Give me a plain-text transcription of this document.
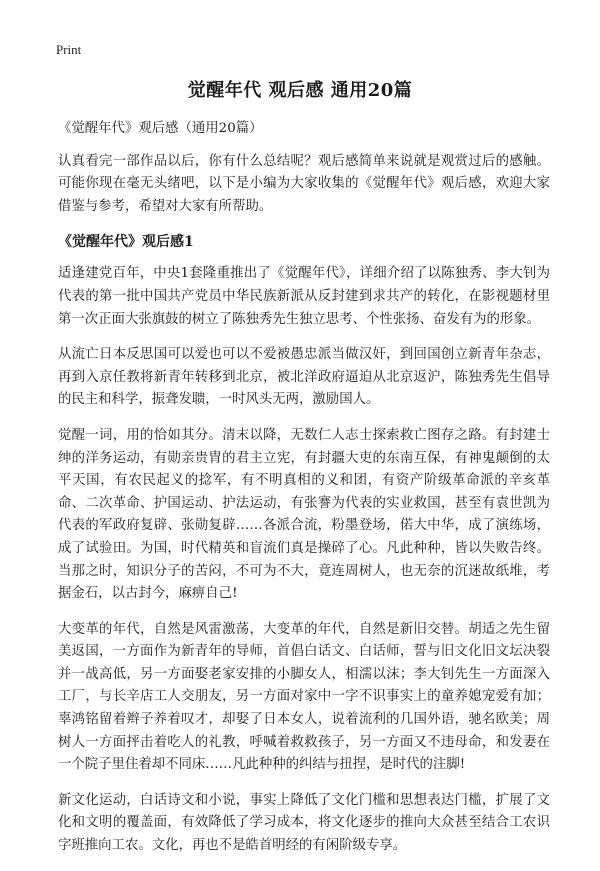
Print
觉醒年代 观后感 通用20篇

《觉醒年代》观后感（通用20篇）

认真看完一部作品以后，你有什么总结呢？观后感简单来说就是观赏过后的感触。可能你现在毫无头绪吧，以下是小编为大家收集的《觉醒年代》观后感，欢迎大家借鉴与参考，希望对大家有所帮助。

《觉醒年代》观后感1

适逢建党百年，中央1套隆重推出了《觉醒年代》，详细介绍了以陈独秀、李大钊为代表的第一批中国共产党员中华民族新派从反封建到求共产的转化，在影视题材里第一次正面大张旗鼓的树立了陈独秀先生独立思考、个性张扬、奋发有为的形象。

从流亡日本反思国可以爱也可以不爱被愚忠派当做汉奸，到回国创立新青年杂志，再到入京任教将新青年转移到北京，被北洋政府逼迫从北京返沪，陈独秀先生倡导的民主和科学，振聋发聩，一时风头无两，激励国人。

觉醒一词，用的恰如其分。清末以降，无数仁人志士探索救亡图存之路。有封建士绅的洋务运动，有勋亲贵胄的君主立宪，有封疆大吏的东南互保，有神鬼颠倒的太平天国，有农民起义的捻军，有不明真相的义和团，有资产阶级革命派的辛亥革命、二次革命、护国运动、护法运动，有张謇为代表的实业救国，甚至有袁世凯为代表的军政府复辟、张勋复辟……各派合流，粉墨登场，偌大中华，成了演练场，成了试验田。为国，时代精英和盲流们真是操碎了心。凡此种种，皆以失败告终。当那之时，知识分子的苦闷，不可为不大，竟连周树人，也无奈的沉迷故纸堆，考据金石，以古封今，麻痹自己!

大变革的年代，自然是风雷激荡，大变革的年代，自然是新旧交替。胡适之先生留美返国，一方面作为新青年的导师，首倡白话文、白话师，誓与旧文化旧文坛决裂并一战高低，另一方面娶老家安排的小脚女人，相濡以沫；李大钊先生一方面深入工厂，与长辛店工人交朋友，另一方面对家中一字不识事实上的童养媳宠爱有加；辜鸿铭留着辫子养着叹才，却娶了日本女人，说着流利的几国外语，驰名欧美；周树人一方面抨击着吃人的礼教，呼喊着救救孩子，另一方面又不违母命，和发妻在一个院子里住着却不同床……凡此种种的纠结与扭捏，是时代的注脚!

新文化运动，白话诗文和小说，事实上降低了文化门槛和思想表达门槛，扩展了文化和文明的覆盖面，有效降低了学习成本，将文化逐步的推向大众甚至结合工农识字班推向工农。文化，再也不是皓首明经的有闲阶级专享。
